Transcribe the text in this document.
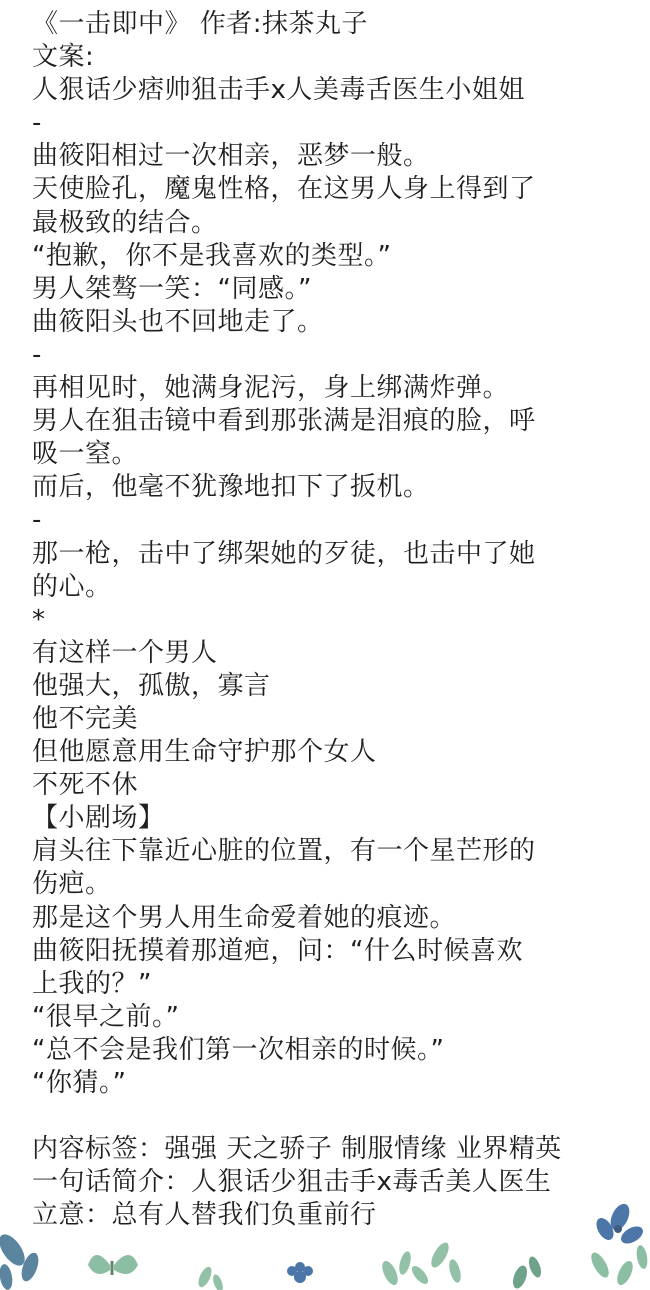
《一击即中》 作者:抹茶丸子
文案:
人狠话少痞帅狙击手x人美毒舌医生小姐姐
-
曲筱阳相过一次相亲，恶梦一般。
天使脸孔，魔鬼性格，在这男人身上得到了
最极致的结合。
“抱歉，你不是我喜欢的类型。”
男人桀骜一笑：“同感。”
曲筱阳头也不回地走了。
-
再相见时，她满身泥污，身上绑满炸弹。
男人在狙击镜中看到那张满是泪痕的脸，呼
吸一窒。
而后，他毫不犹豫地扣下了扳机。
-
那一枪，击中了绑架她的歹徒，也击中了她
的心。
*
有这样一个男人
他强大，孤傲，寡言
他不完美
但他愿意用生命守护那个女人
不死不休
【小剧场】
肩头往下靠近心脏的位置，有一个星芒形的
伤疤。
那是这个男人用生命爱着她的痕迹。
曲筱阳抚摸着那道疤，问：“什么时候喜欢
上我的？”
“很早之前。”
“总不会是我们第一次相亲的时候。”
“你猜。”
内容标签：强强 天之骄子 制服情缘 业界精英
一句话简介：人狠话少狙击手x毒舌美人医生
立意：总有人替我们负重前行
